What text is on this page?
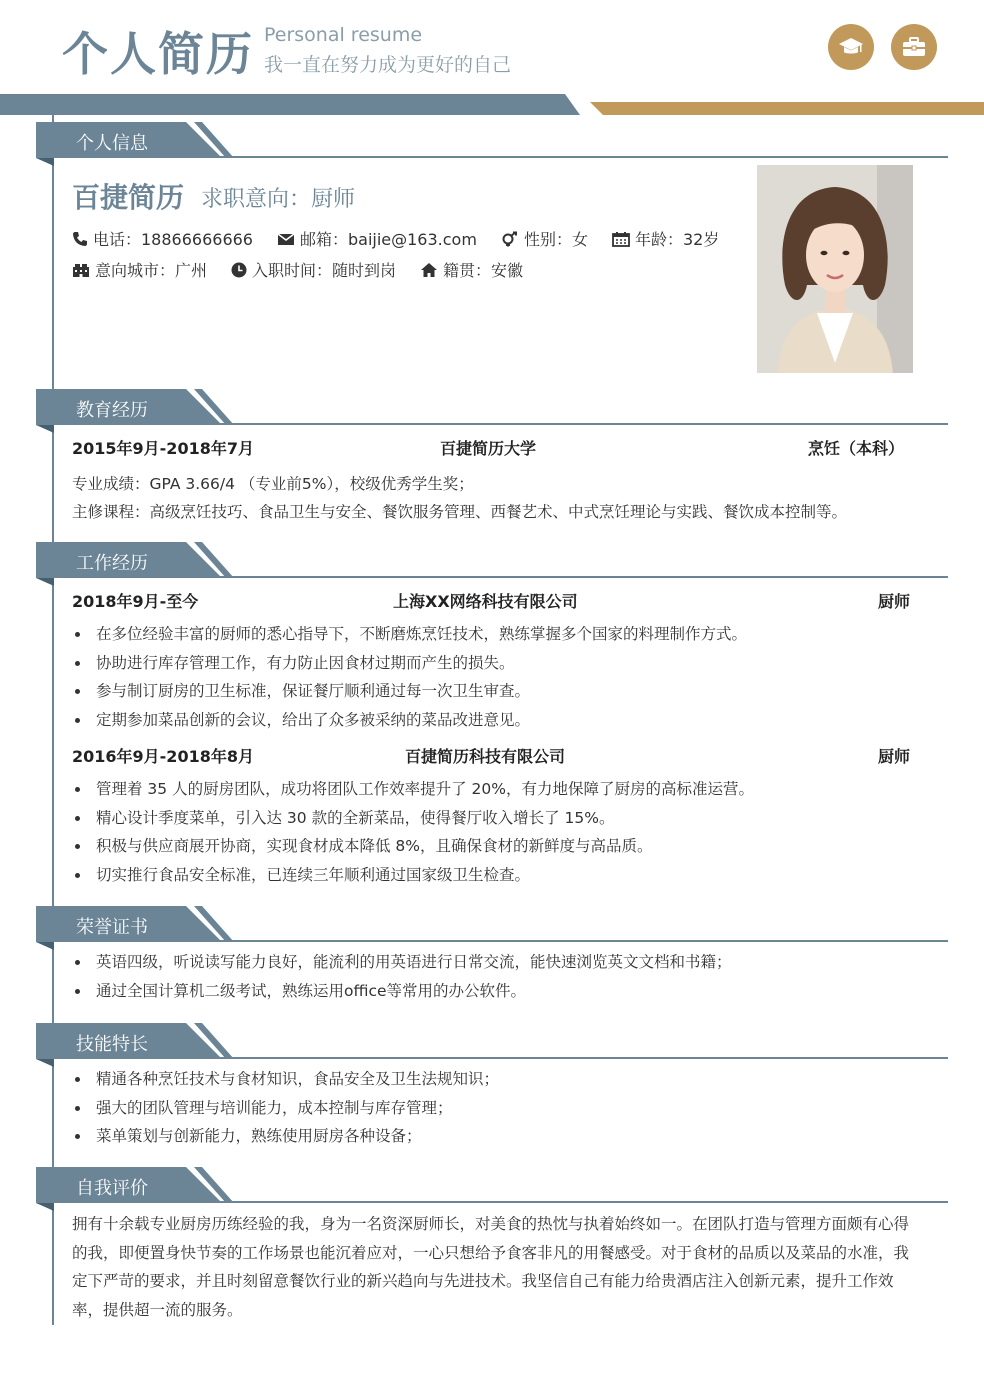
个人简历 Personal resume
我一直在努力成为更好的自己
个人信息
百捷简历 求职意向：厨师
电话：18866666666	邮箱：baijie@163.com	性别：女	年龄：32岁
意向城市：广州	入职时间：随时到岗	籍贯：安徽
教育经历
2015年9月-2018年7月	百捷简历大学	烹饪（本科）
专业成绩：GPA 3.66/4 （专业前5%），校级优秀学生奖；
主修课程：高级烹饪技巧、食品卫生与安全、餐饮服务管理、西餐艺术、中式烹饪理论与实践、餐饮成本控制等。
工作经历
2018年9月-至今	上海XX网络科技有限公司	厨师
在多位经验丰富的厨师的悉心指导下，不断磨炼烹饪技术，熟练掌握多个国家的料理制作方式。
协助进行库存管理工作，有力防止因食材过期而产生的损失。
参与制订厨房的卫生标准，保证餐厅顺利通过每一次卫生审查。
定期参加菜品创新的会议，给出了众多被采纳的菜品改进意见。
2016年9月-2018年8月	百捷简历科技有限公司	厨师
管理着 35 人的厨房团队，成功将团队工作效率提升了 20%，有力地保障了厨房的高标准运营。
精心设计季度菜单，引入达 30 款的全新菜品，使得餐厅收入增长了 15%。
积极与供应商展开协商，实现食材成本降低 8%，且确保食材的新鲜度与高品质。
切实推行食品安全标准，已连续三年顺利通过国家级卫生检查。
荣誉证书
英语四级，听说读写能力良好，能流利的用英语进行日常交流，能快速浏览英文文档和书籍；
通过全国计算机二级考试，熟练运用office等常用的办公软件。
技能特长
精通各种烹饪技术与食材知识，食品安全及卫生法规知识；
强大的团队管理与培训能力，成本控制与库存管理；
菜单策划与创新能力，熟练使用厨房各种设备；
自我评价
拥有十余载专业厨房历练经验的我，身为一名资深厨师长，对美食的热忱与执着始终如一。在团队打造与管理方面颇有心得的我，即便置身快节奏的工作场景也能沉着应对，一心只想给予食客非凡的用餐感受。对于食材的品质以及菜品的水准，我定下严苛的要求，并且时刻留意餐饮行业的新兴趋向与先进技术。我坚信自己有能力给贵酒店注入创新元素，提升工作效率，提供超一流的服务。
